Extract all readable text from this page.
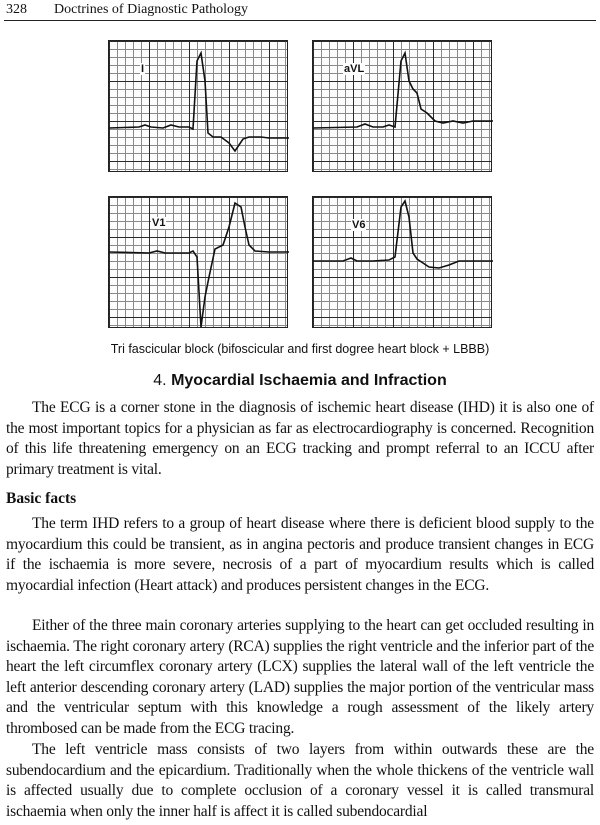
328 Doctrines of Diagnostic Pathology
I	aVL
V1	V6
Tri fascicular block (bifoscicular and first dogree heart block + LBBB)
4. Myocardial Ischaemia and Infraction
The ECG is a corner stone in the diagnosis of ischemic heart disease (IHD) it is also one of the most important topics for a physician as far as electrocardiography is concerned. Recognition of this life threatening emergency on an ECG tracking and prompt referral to an ICCU after primary treatment is vital.
Basic facts
The term IHD refers to a group of heart disease where there is deficient blood supply to the myocardium this could be transient, as in angina pectoris and produce transient changes in ECG if the ischaemia is more severe, necrosis of a part of myocardium results which is called myocardial infection (Heart attack) and produces persistent changes in the ECG.
Either of the three main coronary arteries supplying to the heart can get occluded resulting in ischaemia. The right coronary artery (RCA) supplies the right ventricle and the inferior part of the heart the left circumflex coronary artery (LCX) supplies the lateral wall of the left ventricle the left anterior descending coronary artery (LAD) supplies the major portion of the ventricular mass and the ventricular septum with this knowledge a rough assessment of the likely artery thrombosed can be made from the ECG tracing.
The left ventricle mass consists of two layers from within outwards these are the subendocardium and the epicardium. Traditionally when the whole thickens of the ventricle wall is affected usually due to complete occlusion of a coronary vessel it is called transmural ischaemia when only the inner half is affect it is called subendocardial
